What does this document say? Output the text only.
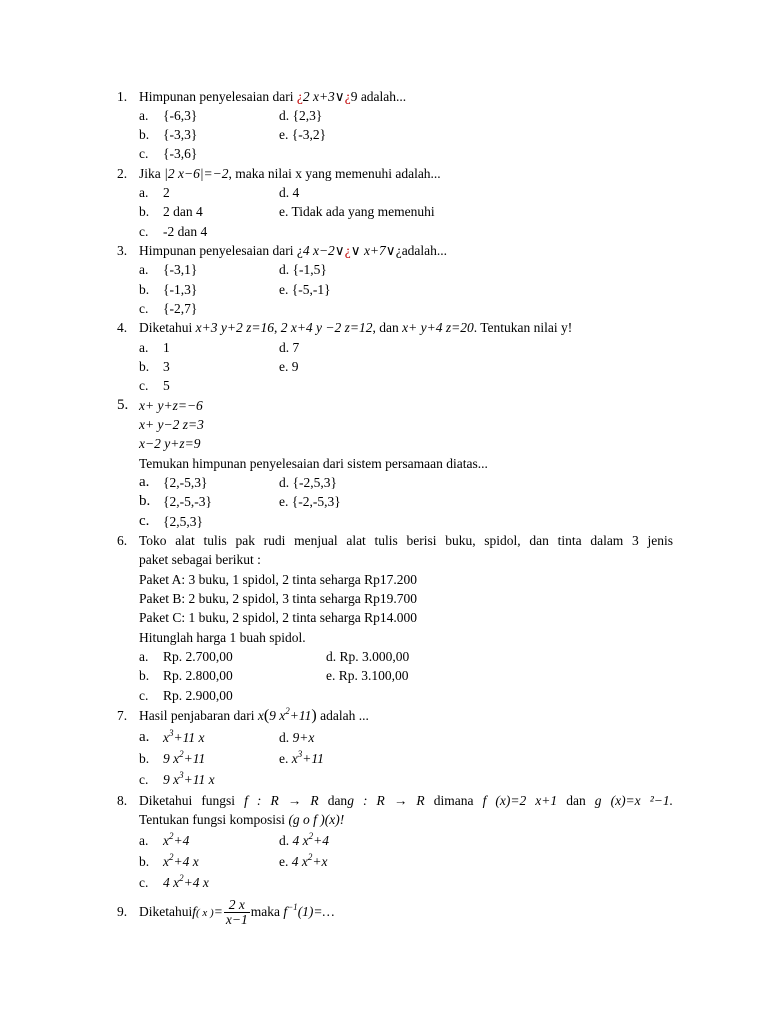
1. Himpunan penyelesaian dari ¿2 x+3∨¿9 adalah...
a. {-6,3}	d. {2,3}
b. {-3,3}	e. {-3,2}
c. {-3,6}
2. Jika |2 x−6|=−2, maka nilai x yang memenuhi adalah...
a. 2	d. 4
b. 2 dan 4	e. Tidak ada yang memenuhi
c. -2 dan 4
3. Himpunan penyelesaian dari ¿4 x−2∨¿∨ x+7∨¿adalah...
a. {-3,1}	d. {-1,5}
b. {-1,3}	e. {-5,-1}
c. {-2,7}
4. Diketahui x+3 y+2 z=16, 2 x+4 y −2 z=12, dan x+ y+4 z=20. Tentukan nilai y!
a. 1	d. 7
b. 3	e. 9
c. 5
5. x+ y+z=−6
x+ y−2 z=3
x−2 y+z=9
Temukan himpunan penyelesaian dari sistem persamaan diatas...
a. {2,-5,3}	d. {-2,5,3}
b. {2,-5,-3}	e. {-2,-5,3}
c. {2,5,3}
6. Toko alat tulis pak rudi menjual alat tulis berisi buku, spidol, dan tinta dalam 3 jenis
paket sebagai berikut :
Paket A: 3 buku, 1 spidol, 2 tinta seharga Rp17.200
Paket B: 2 buku, 2 spidol, 3 tinta seharga Rp19.700
Paket C: 1 buku, 2 spidol, 2 tinta seharga Rp14.000
Hitunglah harga 1 buah spidol.
a. Rp. 2.700,00	d. Rp. 3.000,00
b. Rp. 2.800,00	e. Rp. 3.100,00
c. Rp. 2.900,00
7. Hasil penjabaran dari x(9 $x^2+11$) adalah ...
a. $x^3+11$ x	d. 9+x
b. 9 $x^2+11$	e. $x^3+11$
c. 9 $x^3+11$ x
8. Diketahui fungsi f : R → R dang : R → R dimana f (x)=2 x+1 dan g (x)=x ²−1.
Tentukan fungsi komposisi (g o f )(x)!
a. $x^2+4$	d. 4 $x^2+4$
b. $x^2+4$ x	e. 4 $x^2+x$
c. 4 $x^2+4$ x
9. Diketahuif( x )= $\frac{2 x}{x-1}$ maka $f^{-1}(1)=\dots$
